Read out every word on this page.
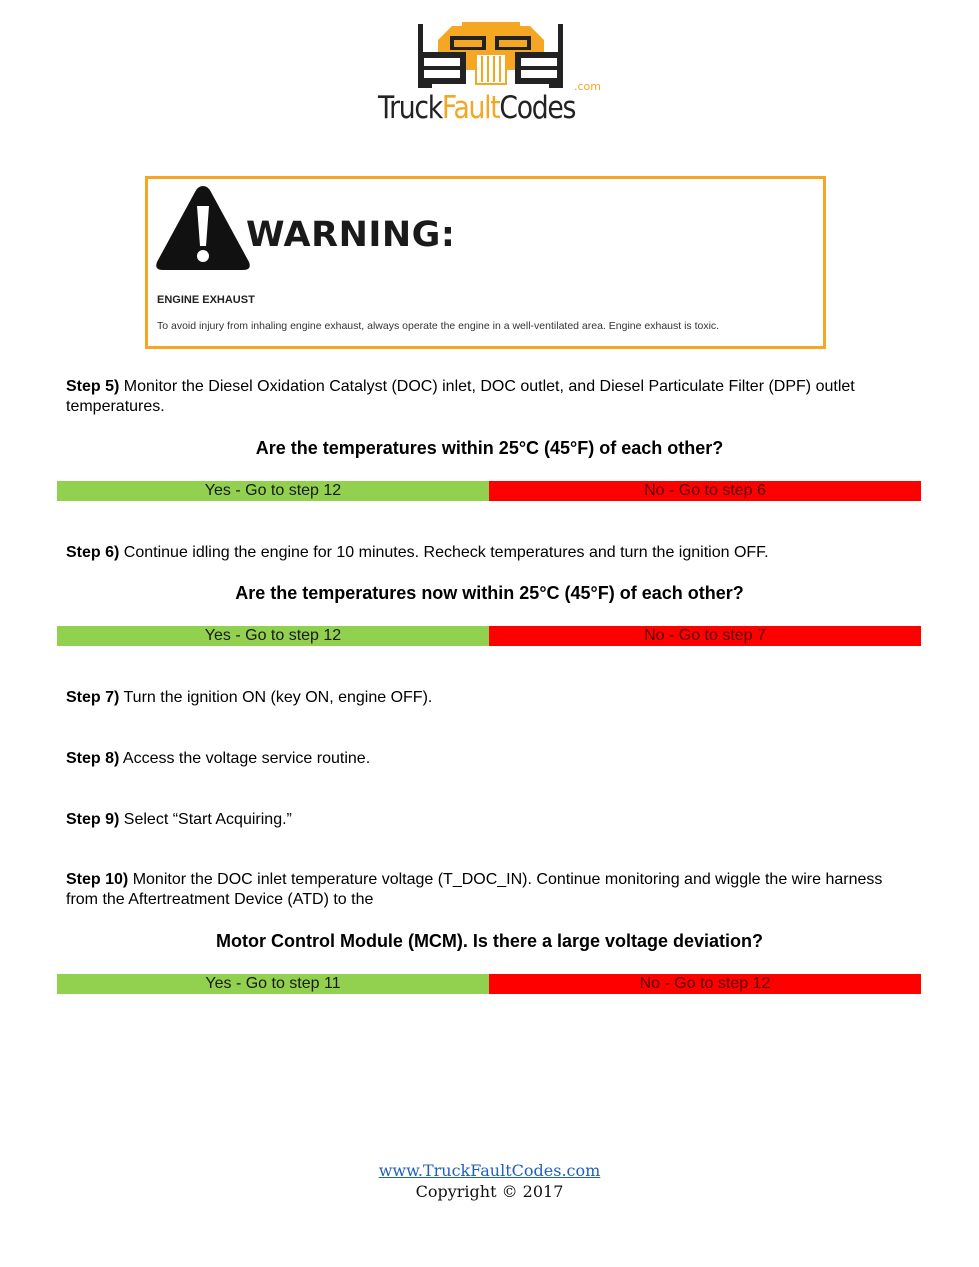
.com
TruckFaultCodes
WARNING:
ENGINE EXHAUST
To avoid injury from inhaling engine exhaust, always operate the engine in a well-ventilated area. Engine exhaust is toxic.
Step 5) Monitor the Diesel Oxidation Catalyst (DOC) inlet, DOC outlet, and Diesel Particulate Filter (DPF) outlet temperatures.
Are the temperatures within 25°C (45°F) of each other?
Yes - Go to step 12	No - Go to step 6
Step 6) Continue idling the engine for 10 minutes. Recheck temperatures and turn the ignition OFF.
Are the temperatures now within 25°C (45°F) of each other?
Yes - Go to step 12	No - Go to step 7
Step 7) Turn the ignition ON (key ON, engine OFF).
Step 8) Access the voltage service routine.
Step 9) Select “Start Acquiring.”
Step 10) Monitor the DOC inlet temperature voltage (T_DOC_IN). Continue monitoring and wiggle the wire harness from the Aftertreatment Device (ATD) to the
Motor Control Module (MCM). Is there a large voltage deviation?
Yes - Go to step 11	No - Go to step 12
www.TruckFaultCodes.com
Copyright © 2017
